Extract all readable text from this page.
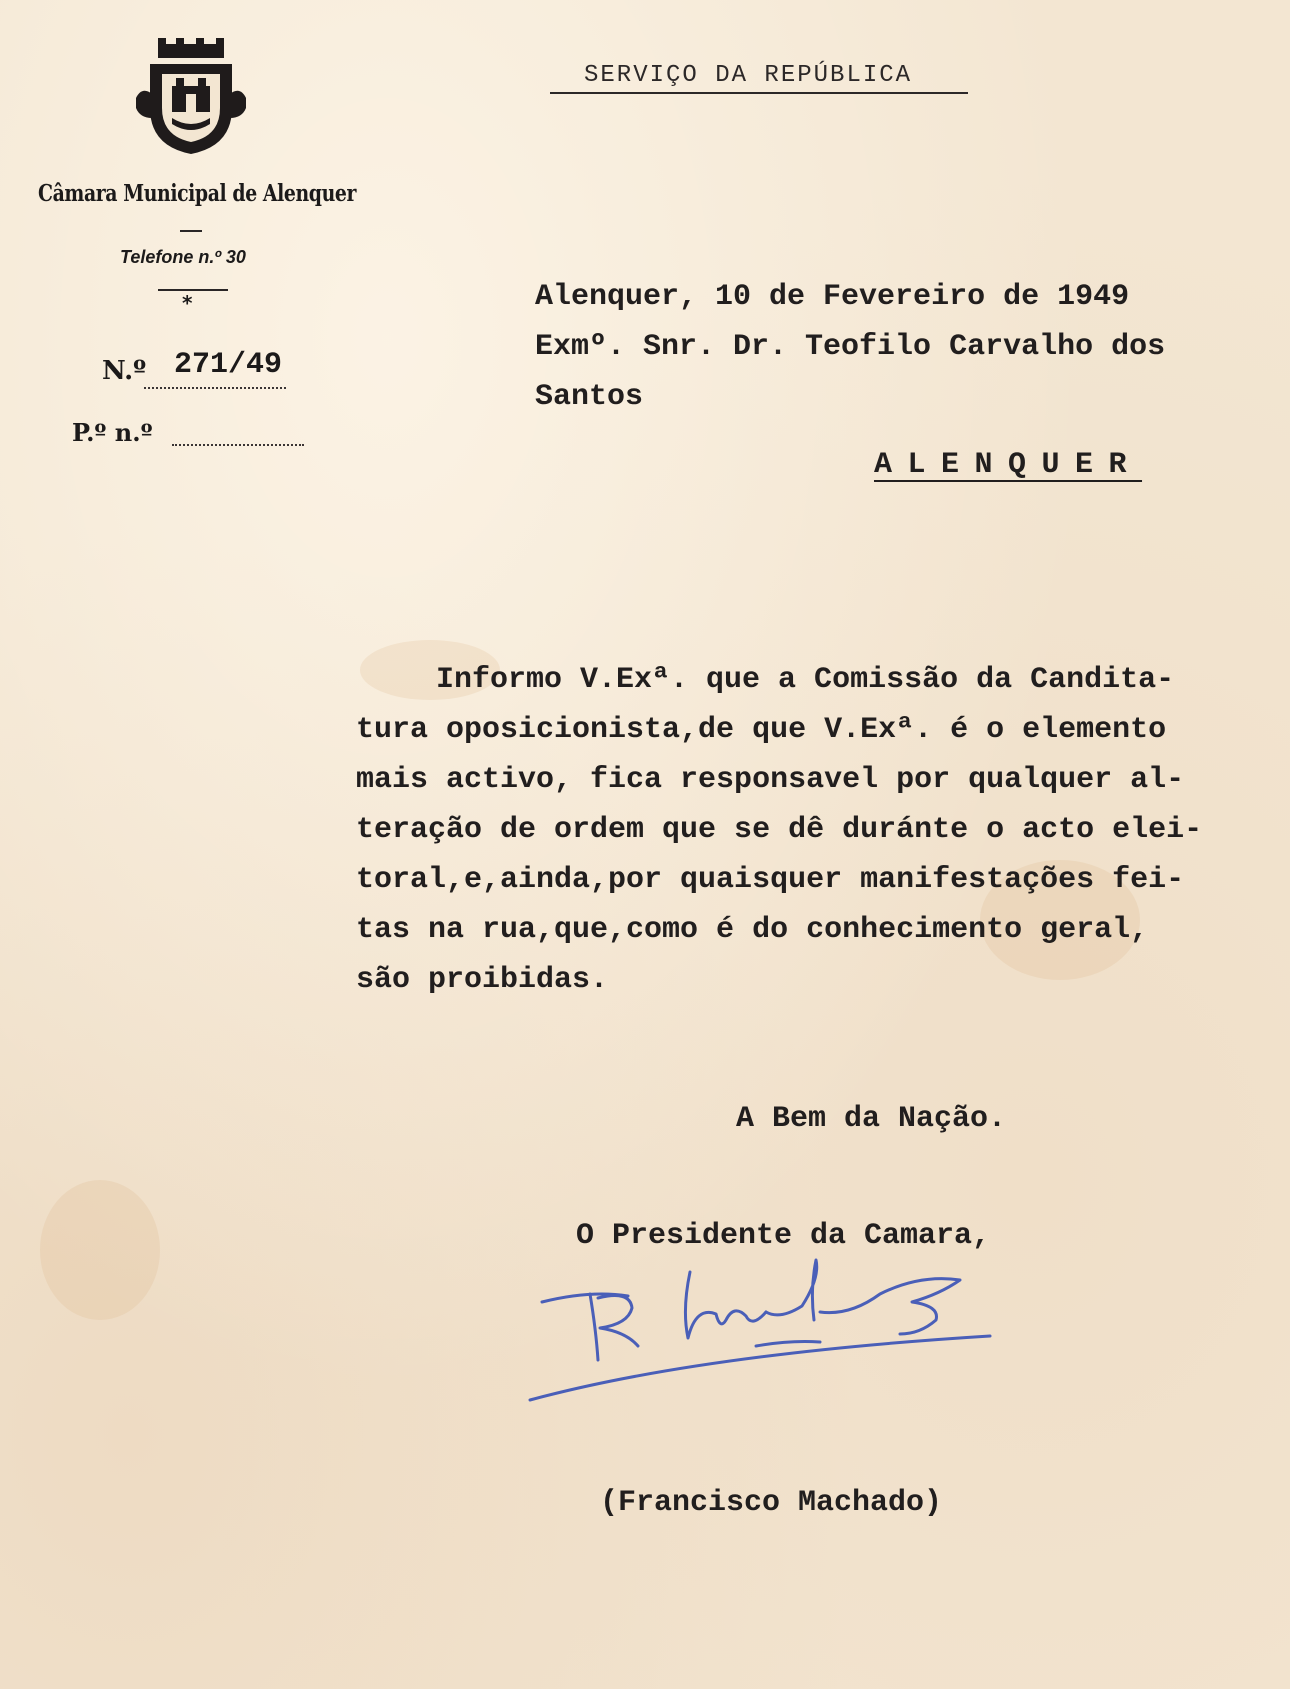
Câmara Municipal de Alenquer
Telefone n.º 30
*
N.º 271/49
P.º n.º
SERVIÇO DA REPÚBLICA
Alenquer, 10 de Fevereiro de 1949
Exmº. Snr. Dr. Teofilo Carvalho dos
Santos
ALENQUER
Informo V.Exª. que a Comissão da Candita-
tura oposicionista,de que V.Exª. é o elemento
mais activo, fica responsavel por qualquer al-
teração de ordem que se dê duránte o acto elei-
toral,e,ainda,por quaisquer manifestações fei-
tas na rua,que,como é do conhecimento geral,
são proibidas.
A Bem da Nação.
O Presidente da Camara,
(Francisco Machado)
